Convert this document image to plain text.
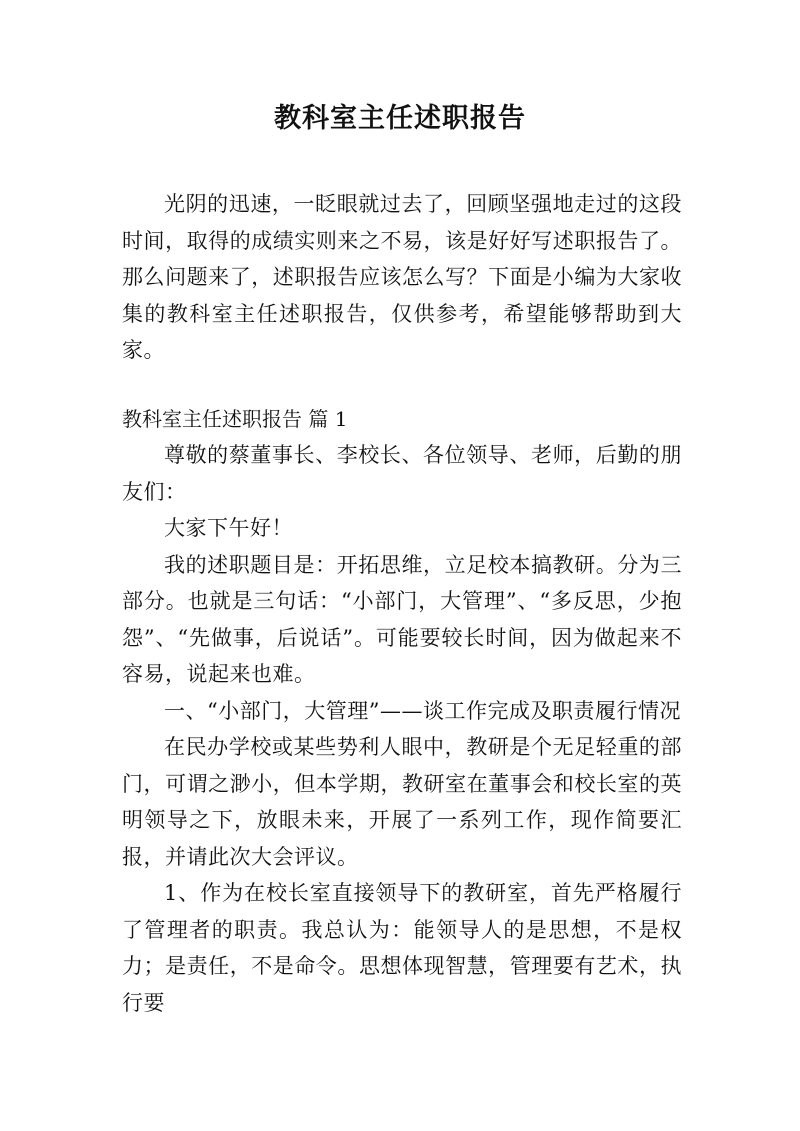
教科室主任述职报告

光阴的迅速，一眨眼就过去了，回顾坚强地走过的这段时间，取得的成绩实则来之不易，该是好好写述职报告了。那么问题来了，述职报告应该怎么写？下面是小编为大家收集的教科室主任述职报告，仅供参考，希望能够帮助到大家。

教科室主任述职报告 篇 1

尊敬的蔡董事长、李校长、各位领导、老师，后勤的朋友们：

大家下午好！

我的述职题目是：开拓思维，立足校本搞教研。分为三部分。也就是三句话：“小部门，大管理”、“多反思，少抱怨”、“先做事，后说话”。可能要较长时间，因为做起来不容易，说起来也难。

一、“小部门，大管理”——谈工作完成及职责履行情况

在民办学校或某些势利人眼中，教研是个无足轻重的部门，可谓之渺小，但本学期，教研室在董事会和校长室的英明领导之下，放眼未来，开展了一系列工作，现作简要汇报，并请此次大会评议。

1、作为在校长室直接领导下的教研室，首先严格履行了管理者的职责。我总认为：能领导人的是思想，不是权力；是责任，不是命令。思想体现智慧，管理要有艺术，执行要
